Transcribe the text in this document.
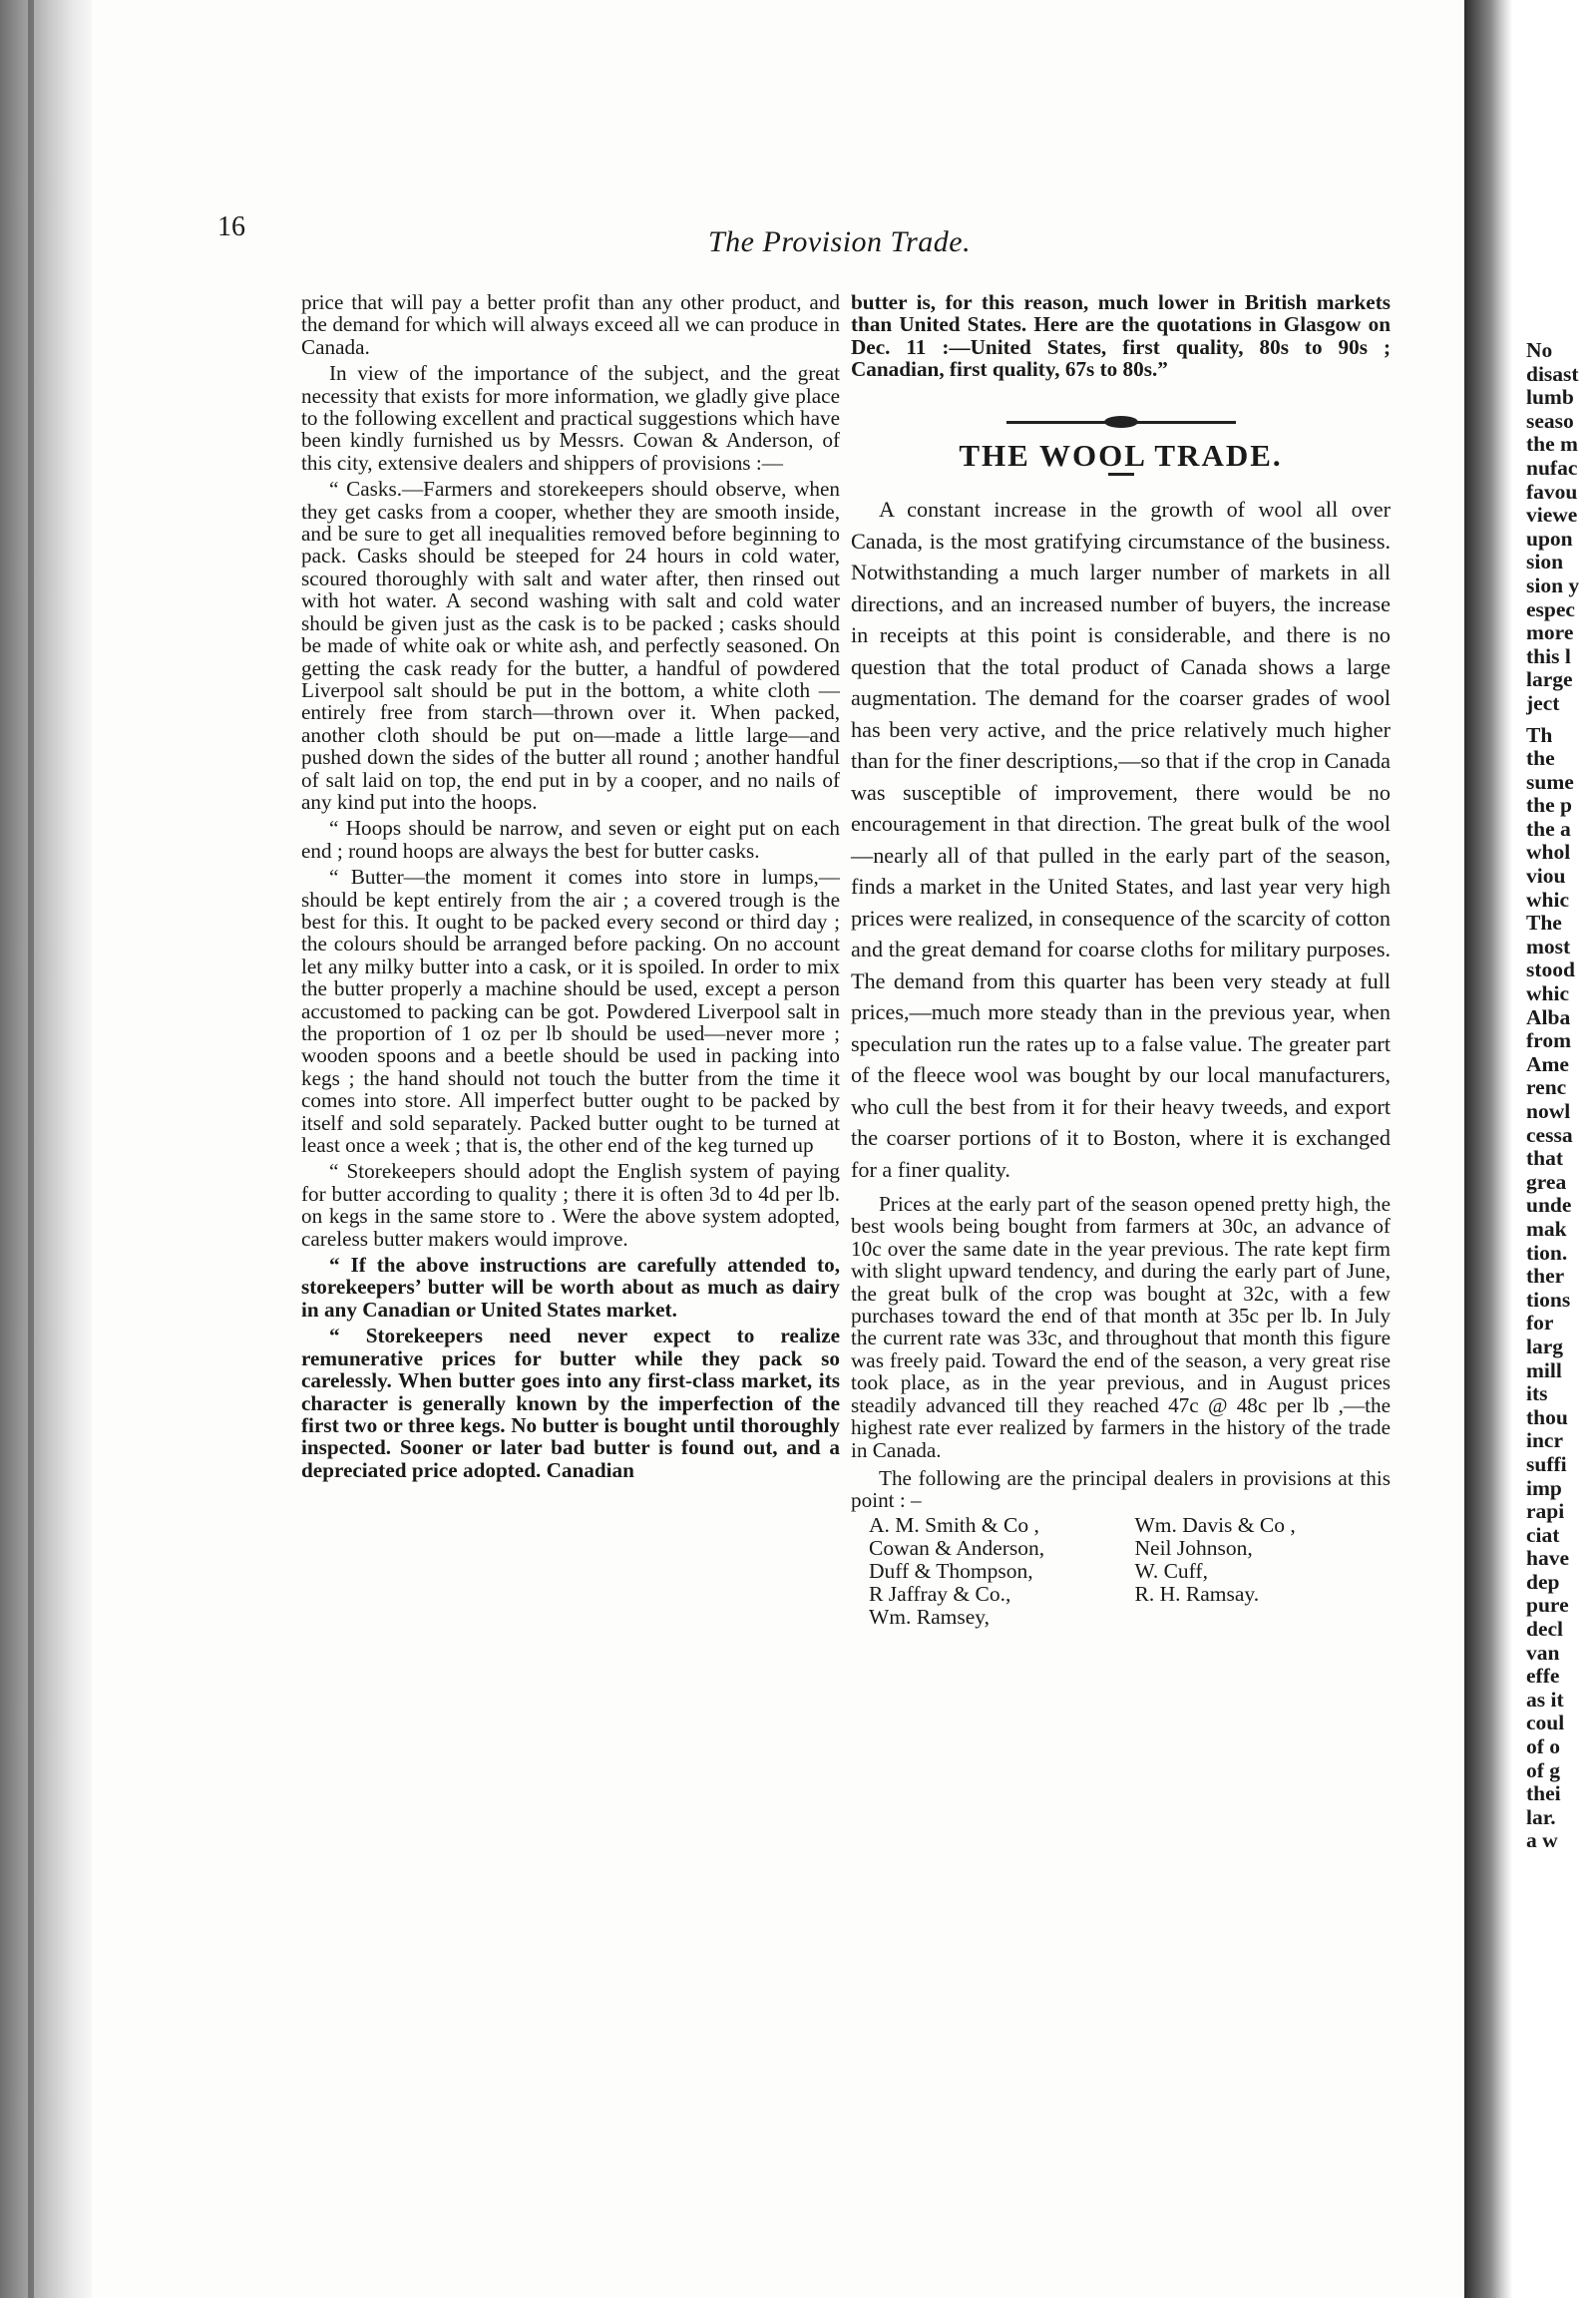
16	The Provision Trade.

price that will pay a better profit than any other product, and the demand for which will always exceed all we can produce in Canada.

In view of the importance of the subject, and the great necessity that exists for more information, we gladly give place to the following excellent and practical suggestions which have been kindly furnished us by Messrs. Cowan & Anderson, of this city, extensive dealers and shippers of provisions :—

“ Casks.—Farmers and storekeepers should observe, when they get casks from a cooper, whether they are smooth inside, and be sure to get all inequalities removed before beginning to pack. Casks should be steeped for 24 hours in cold water, scoured thoroughly with salt and water after, then rinsed out with hot water. A second washing with salt and cold water should be given just as the cask is to be packed ; casks should be made of white oak or white ash, and perfectly seasoned. On getting the cask ready for the butter, a handful of powdered Liverpool salt should be put in the bottom, a white cloth —entirely free from starch—thrown over it. When packed, another cloth should be put on—made a little large—and pushed down the sides of the butter all round ; another handful of salt laid on top, the end put in by a cooper, and no nails of any kind put into the hoops.

“ Hoops should be narrow, and seven or eight put on each end ; round hoops are always the best for butter casks.

“ Butter—the moment it comes into store in lumps,—should be kept entirely from the air ; a covered trough is the best for this. It ought to be packed every second or third day ; the colours should be arranged before packing. On no account let any milky butter into a cask, or it is spoiled. In order to mix the butter properly a machine should be used, except a person accustomed to packing can be got. Powdered Liverpool salt in the proportion of 1 oz per lb should be used—never more ; wooden spoons and a beetle should be used in packing into kegs ; the hand should not touch the butter from the time it comes into store. All imperfect butter ought to be packed by itself and sold separately. Packed butter ought to be turned at least once a week ; that is, the other end of the keg turned up

“ Storekeepers should adopt the English system of paying for butter according to quality ; there it is often 3d to 4d per lb. on kegs in the same store to . Were the above system adopted, careless butter makers would improve.

“ If the above instructions are carefully attended to, storekeepers’ butter will be worth about as much as dairy in any Canadian or United States market.

“ Storekeepers need never expect to realize remunerative prices for butter while they pack so carelessly. When butter goes into any first-class market, its character is generally known by the imperfection of the first two or three kegs. No butter is bought until thoroughly inspected. Sooner or later bad butter is found out, and a depreciated price adopted. Canadian

butter is, for this reason, much lower in British markets than United States. Here are the quotations in Glasgow on Dec. 11 :—United States, first quality, 80s to 90s ; Canadian, first quality, 67s to 80s.”

THE WOOL TRADE.

A constant increase in the growth of wool all over Canada, is the most gratifying circumstance of the business. Notwithstanding a much larger number of markets in all directions, and an increased number of buyers, the increase in receipts at this point is considerable, and there is no question that the total product of Canada shows a large augmentation. The demand for the coarser grades of wool has been very active, and the price relatively much higher than for the finer descriptions,—so that if the crop in Canada was susceptible of improvement, there would be no encouragement in that direction. The great bulk of the wool—nearly all of that pulled in the early part of the season, finds a market in the United States, and last year very high prices were realized, in consequence of the scarcity of cotton and the great demand for coarse cloths for military purposes. The demand from this quarter has been very steady at full prices,—much more steady than in the previous year, when speculation run the rates up to a false value. The greater part of the fleece wool was bought by our local manufacturers, who cull the best from it for their heavy tweeds, and export the coarser portions of it to Boston, where it is exchanged for a finer quality.

Prices at the early part of the season opened pretty high, the best wools being bought from farmers at 30c, an advance of 10c over the same date in the year previous. The rate kept firm with slight upward tendency, and during the early part of June, the great bulk of the crop was bought at 32c, with a few purchases toward the end of that month at 35c per lb. In July the current rate was 33c, and throughout that month this figure was freely paid. Toward the end of the season, a very great rise took place, as in the year previous, and in August prices steadily advanced till they reached 47c @ 48c per lb ,—the highest rate ever realized by farmers in the history of the trade in Canada.

The following are the principal dealers in provisions at this point : –

A. M. Smith & Co ,
Cowan & Anderson,
Duff & Thompson,
R Jaffray & Co.,
Wm. Ramsey,
Wm. Davis & Co ,
Neil Johnson,
W. Cuff,
R. H. Ramsay.
No
disast
lumb
seaso
the m
nufac
favou
viewe
upon
sion
sion y
espec
more
this l
large
ject
Th
the
sume
the p
the a
whol
viou
whic
The
most
stood
whic
Alba
from
Ame
renc
nowl
cessa
that
grea
unde
mak
tion.
ther
tions
for
larg
mill
its
thou
incr
suffi
imp
rapi
ciat
have
dep
pure
decl
van
effe
as it
coul
of o
of g
thei
lar.
a w
